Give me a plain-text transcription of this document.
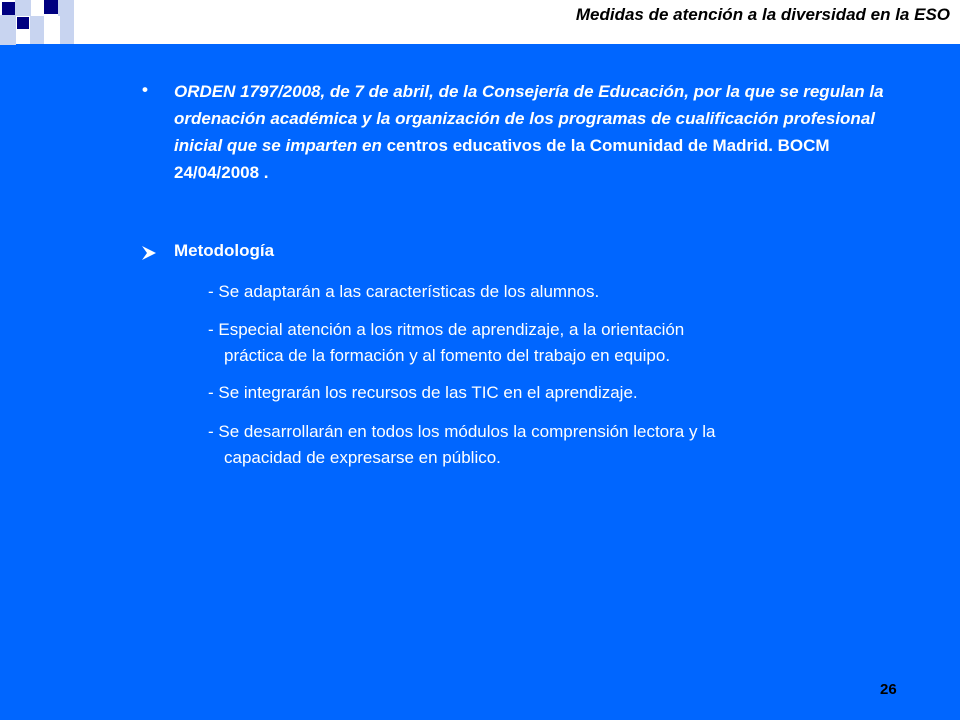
Medidas de atención a la diversidad en la ESO
• ORDEN 1797/2008, de 7 de abril, de la Consejería de Educación, por la que se regulan la ordenación académica y la organización de los programas de cualificación profesional inicial que se imparten en centros educativos de la Comunidad de Madrid. BOCM 24/04/2008 .
Metodología
- Se adaptarán a las características de los alumnos.
- Especial atención a los ritmos de aprendizaje, a la orientación
práctica de la formación y al fomento del trabajo en equipo.
- Se integrarán los recursos de las TIC en el aprendizaje.
- Se desarrollarán en todos los módulos la comprensión lectora y la
capacidad de expresarse en público.
26
